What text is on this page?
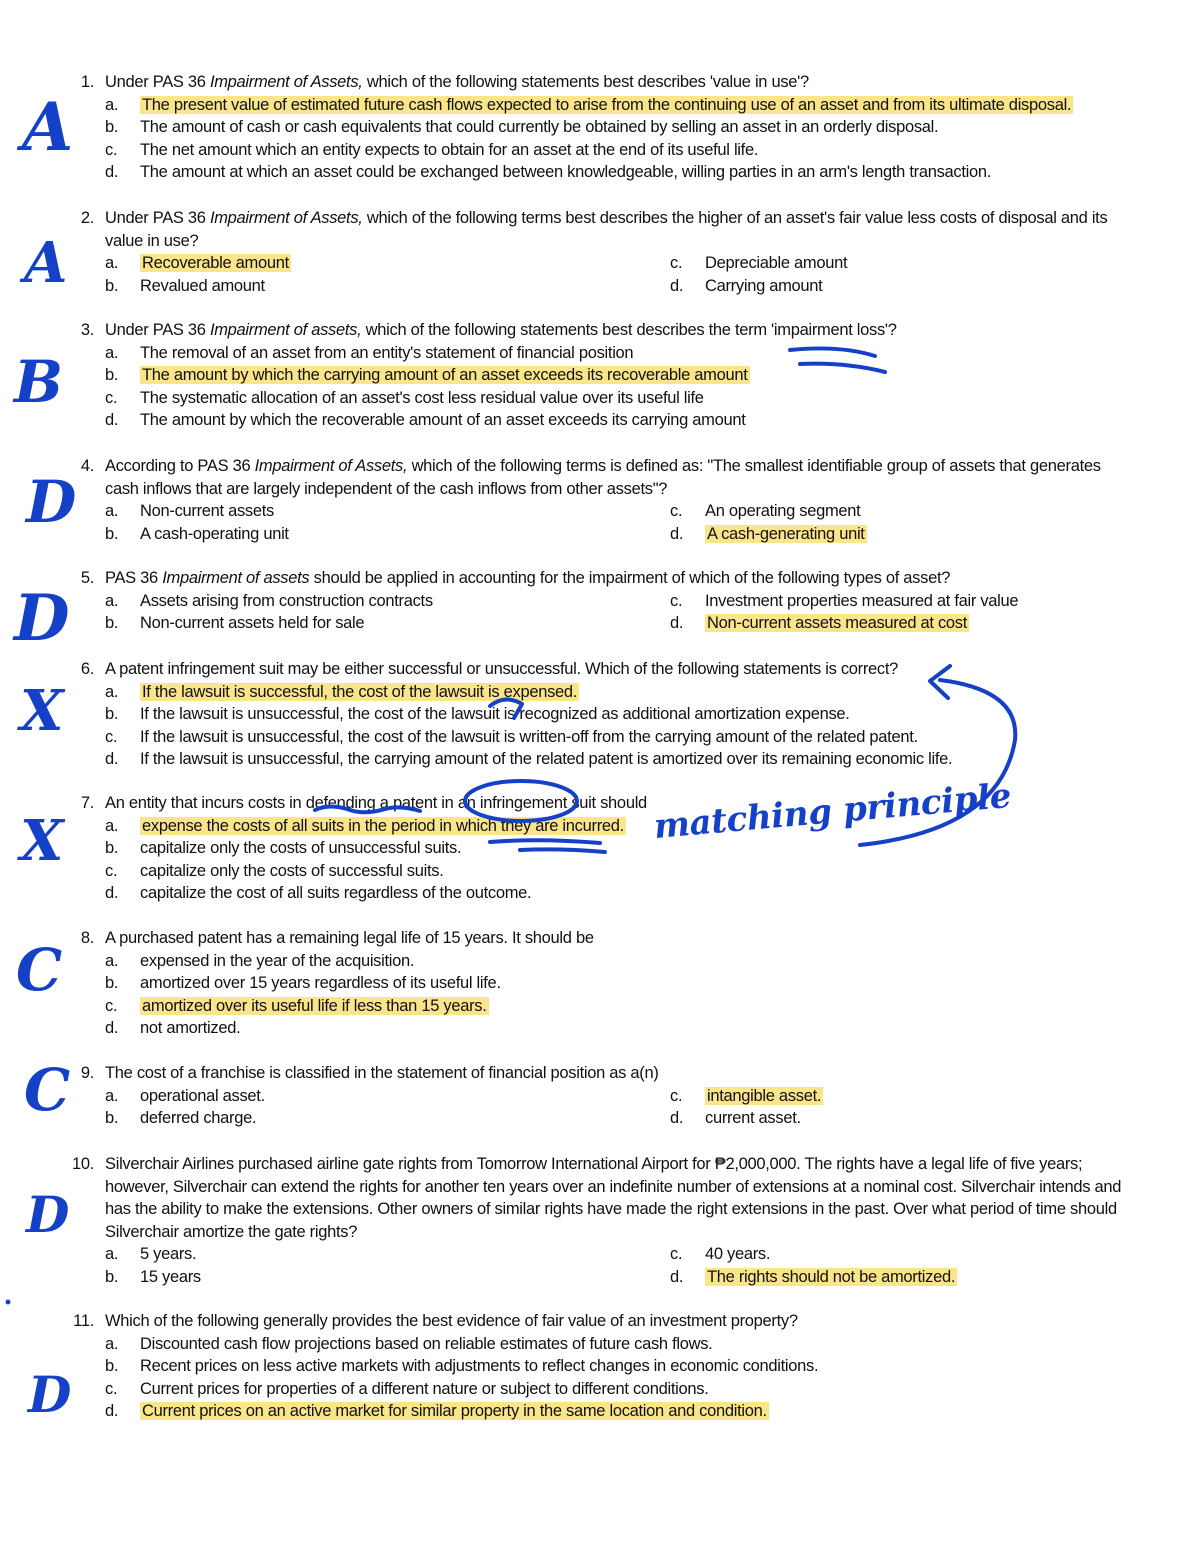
1. Under PAS 36 Impairment of Assets, which of the following statements best describes 'value in use'?
a. The present value of estimated future cash flows expected to arise from the continuing use of an asset and from its ultimate disposal.
b. The amount of cash or cash equivalents that could currently be obtained by selling an asset in an orderly disposal.
c. The net amount which an entity expects to obtain for an asset at the end of its useful life.
d. The amount at which an asset could be exchanged between knowledgeable, willing parties in an arm's length transaction.
2. Under PAS 36 Impairment of Assets, which of the following terms best describes the higher of an asset's fair value less costs of disposal and its value in use?
a. Recoverable amount	c. Depreciable amount
b. Revalued amount	d. Carrying amount
3. Under PAS 36 Impairment of assets, which of the following statements best describes the term 'impairment loss'?
a. The removal of an asset from an entity's statement of financial position
b. The amount by which the carrying amount of an asset exceeds its recoverable amount
c. The systematic allocation of an asset's cost less residual value over its useful life
d. The amount by which the recoverable amount of an asset exceeds its carrying amount
4. According to PAS 36 Impairment of Assets, which of the following terms is defined as: "The smallest identifiable group of assets that generates cash inflows that are largely independent of the cash inflows from other assets"?
a. Non-current assets	c. An operating segment
b. A cash-operating unit	d. A cash-generating unit
5. PAS 36 Impairment of assets should be applied in accounting for the impairment of which of the following types of asset?
a. Assets arising from construction contracts	c. Investment properties measured at fair value
b. Non-current assets held for sale	d. Non-current assets measured at cost
6. A patent infringement suit may be either successful or unsuccessful. Which of the following statements is correct?
a. If the lawsuit is successful, the cost of the lawsuit is expensed.
b. If the lawsuit is unsuccessful, the cost of the lawsuit is recognized as additional amortization expense.
c. If the lawsuit is unsuccessful, the cost of the lawsuit is written-off from the carrying amount of the related patent.
d. If the lawsuit is unsuccessful, the carrying amount of the related patent is amortized over its remaining economic life.
7. An entity that incurs costs in defending a patent in an infringement suit should
a. expense the costs of all suits in the period in which they are incurred.
b. capitalize only the costs of unsuccessful suits.
c. capitalize only the costs of successful suits.
d. capitalize the cost of all suits regardless of the outcome.
8. A purchased patent has a remaining legal life of 15 years. It should be
a. expensed in the year of the acquisition.
b. amortized over 15 years regardless of its useful life.
c. amortized over its useful life if less than 15 years.
d. not amortized.
9. The cost of a franchise is classified in the statement of financial position as a(n)
a. operational asset.	c. intangible asset.
b. deferred charge.	d. current asset.
10. Silverchair Airlines purchased airline gate rights from Tomorrow International Airport for ₱2,000,000. The rights have a legal life of five years; however, Silverchair can extend the rights for another ten years over an indefinite number of extensions at a nominal cost. Silverchair intends and has the ability to make the extensions. Other owners of similar rights have made the right extensions in the past. Over what period of time should Silverchair amortize the gate rights?
a. 5 years.	c. 40 years.
b. 15 years	d. The rights should not be amortized.
11. Which of the following generally provides the best evidence of fair value of an investment property?
a. Discounted cash flow projections based on reliable estimates of future cash flows.
b. Recent prices on less active markets with adjustments to reflect changes in economic conditions.
c. Current prices for properties of a different nature or subject to different conditions.
d. Current prices on an active market for similar property in the same location and condition.
A
A
B
D
D
X
X
C
C
D
D
matching principle
